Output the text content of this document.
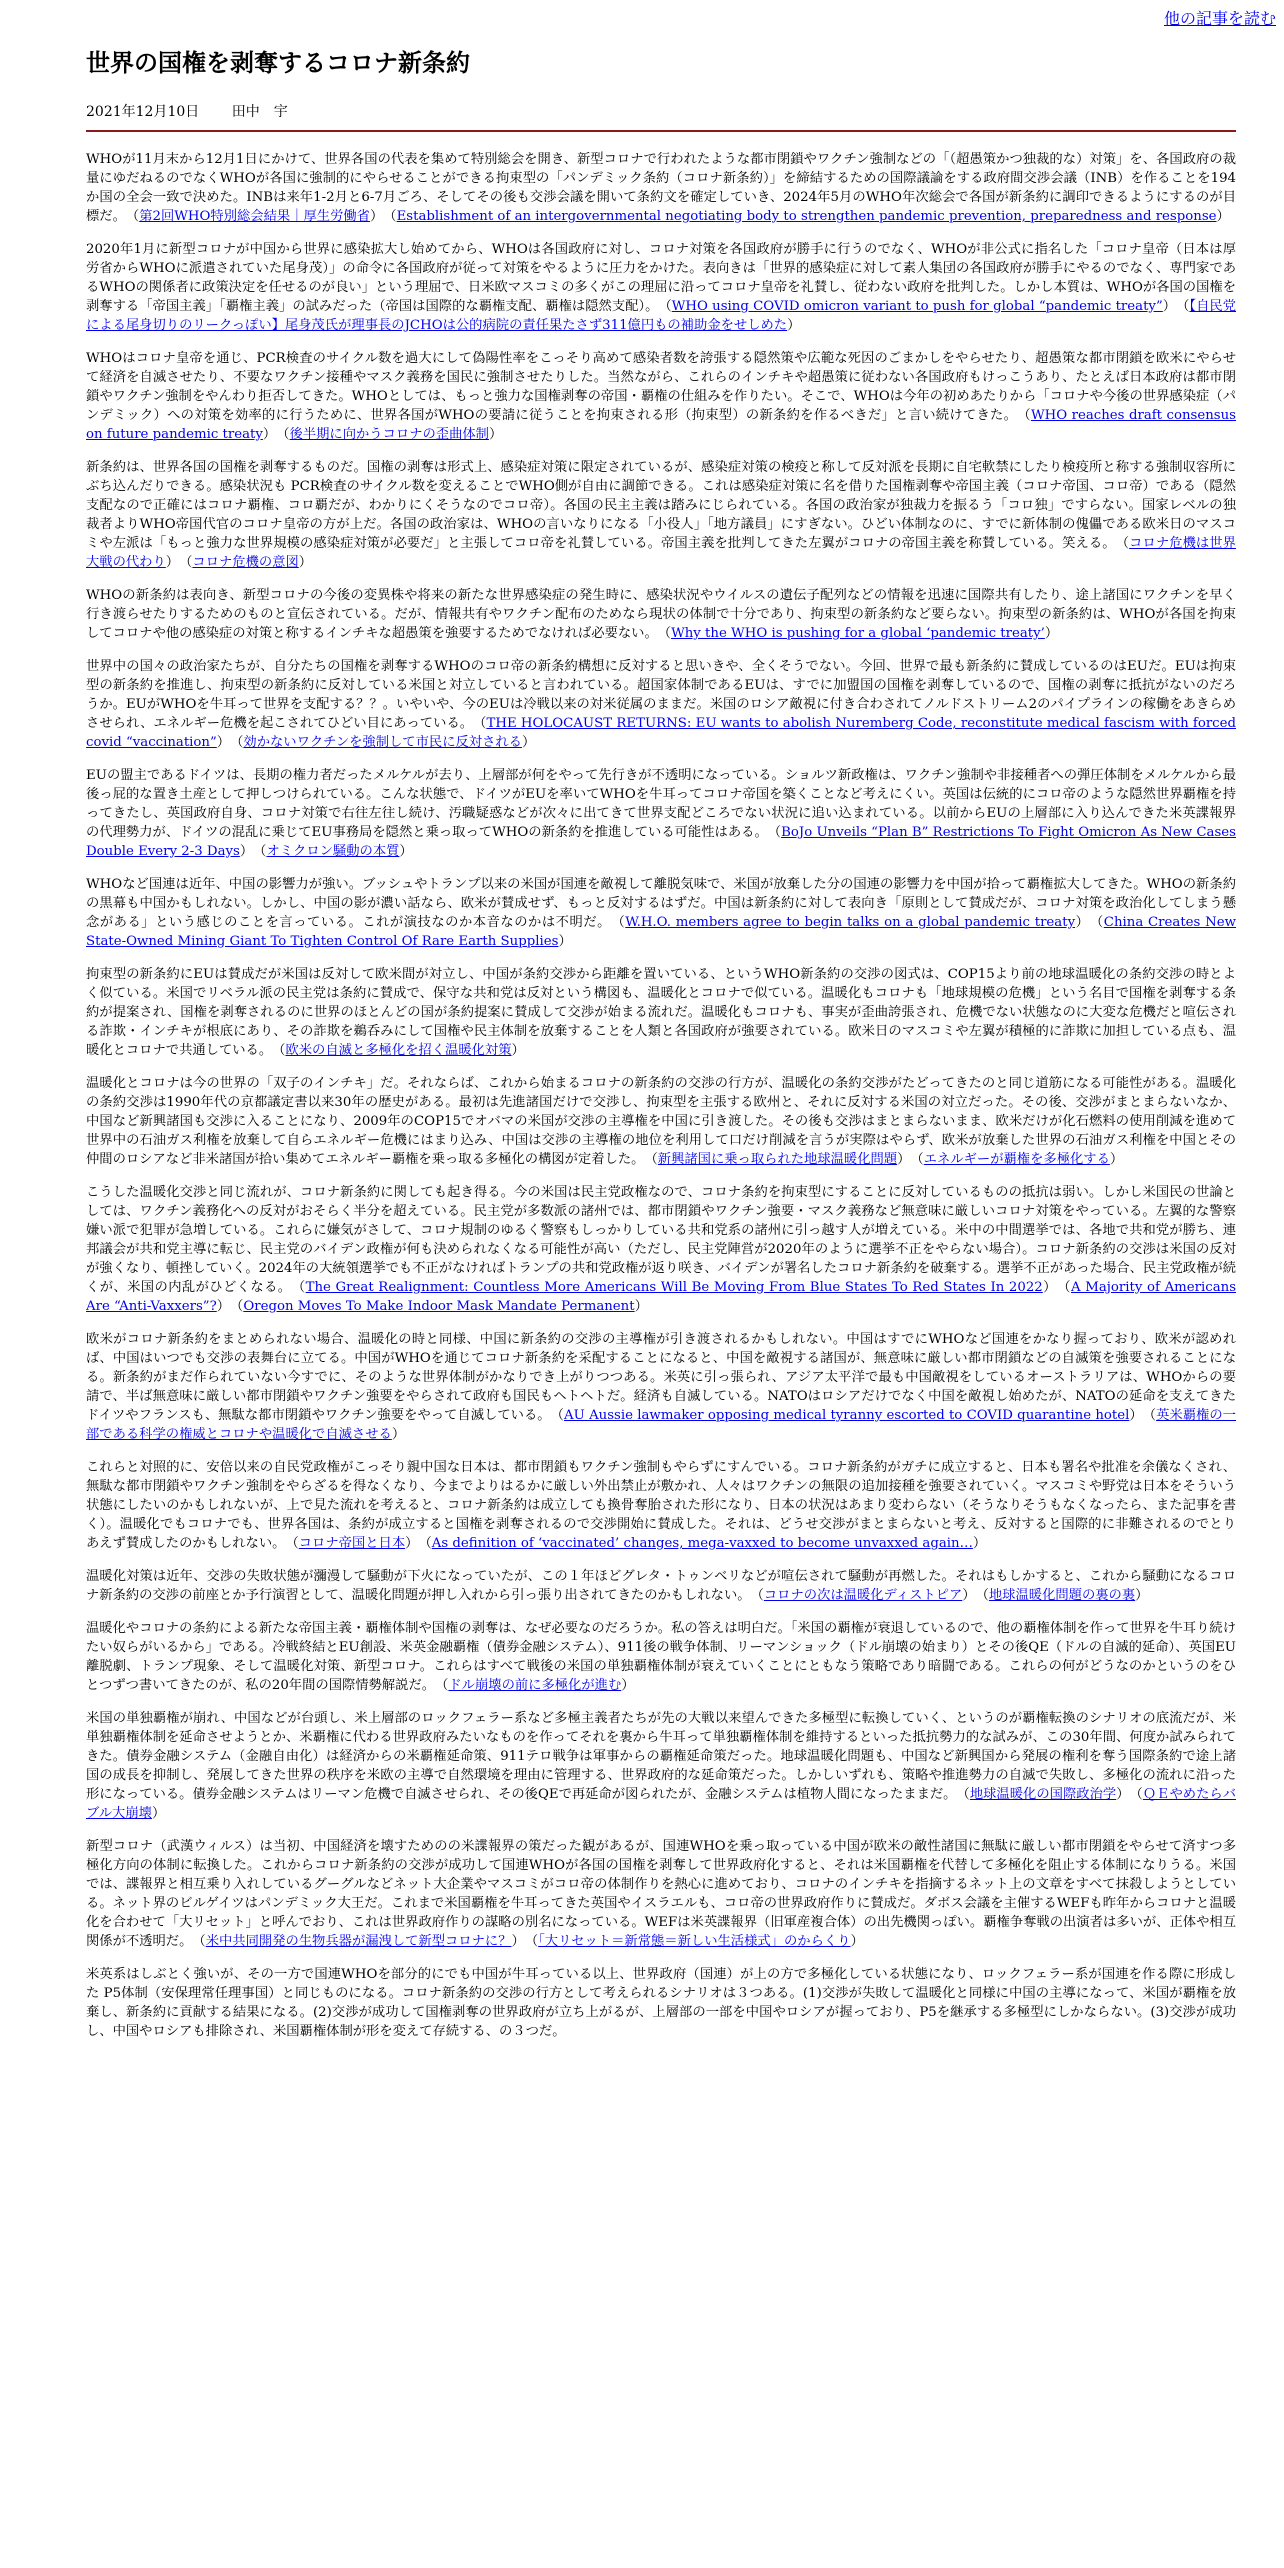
他の記事を読む
世界の国権を剥奪するコロナ新条約
2021年12月10日 田中　宇

WHOが11月末から12月1日にかけて、世界各国の代表を集めて特別総会を開き、新型コロナで行われたような都市閉鎖やワクチン強制などの「（超愚策かつ独裁的な）対策」を、各国政府の裁量にゆだねるのでなくWHOが各国に強制的にやらせることができる拘束型の「パンデミック条約（コロナ新条約）」を締結するための国際議論をする政府間交渉会議（INB）を作ることを194か国の全会一致で決めた。INBは来年1-2月と6-7月ごろ、そしてその後も交渉会議を開いて条約文を確定していき、2024年5月のWHO年次総会で各国が新条約に調印できるようにするのが目標だ。　（第2回WHO特別総会結果｜厚生労働省）　（Establishment of an intergovernmental negotiating body to strengthen pandemic prevention, preparedness and response）

2020年1月に新型コロナが中国から世界に感染拡大し始めてから、WHOは各国政府に対し、コロナ対策を各国政府が勝手に行うのでなく、WHOが非公式に指名した「コロナ皇帝（日本は厚労省からWHOに派遣されていた尾身茂）」の命令に各国政府が従って対策をやるように圧力をかけた。表向きは「世界的感染症に対して素人集団の各国政府が勝手にやるのでなく、専門家であるWHOの関係者に政策決定を任せるのが良い」という理屈で、日米欧マスコミの多くがこの理屈に沿ってコロナ皇帝を礼賛し、従わない政府を批判した。しかし本質は、WHOが各国の国権を剥奪する「帝国主義」「覇権主義」の試みだった（帝国は国際的な覇権支配、覇権は隠然支配）。　（WHO using COVID omicron variant to push for global “pandemic treaty”）　（【自民党による尾身切りのリークっぽい】尾身茂氏が理事長のJCHOは公的病院の責任果たさず311億円もの補助金をせしめた）

WHOはコロナ皇帝を通じ、PCR検査のサイクル数を過大にして偽陽性率をこっそり高めて感染者数を誇張する隠然策や広範な死因のごまかしをやらせたり、超愚策な都市閉鎖を欧米にやらせて経済を自滅させたり、不要なワクチン接種やマスク義務を国民に強制させたりした。当然ながら、これらのインチキや超愚策に従わない各国政府もけっこうあり、たとえば日本政府は都市閉鎖やワクチン強制をやんわり拒否してきた。WHOとしては、もっと強力な国権剥奪の帝国・覇権の仕組みを作りたい。そこで、WHOは今年の初めあたりから「コロナや今後の世界感染症（パンデミック）への対策を効率的に行うために、世界各国がWHOの要請に従うことを拘束される形（拘束型）の新条約を作るべきだ」と言い続けてきた。　（WHO reaches draft consensus on future pandemic treaty）　（後半期に向かうコロナの歪曲体制）

新条約は、世界各国の国権を剥奪するものだ。国権の剥奪は形式上、感染症対策に限定されているが、感染症対策の検疫と称して反対派を長期に自宅軟禁にしたり検疫所と称する強制収容所にぶち込んだりできる。感染状況も PCR検査のサイクル数を変えることでWHO側が自由に調節できる。これは感染症対策に名を借りた国権剥奪や帝国主義（コロナ帝国、コロ帝）である（隠然支配なので正確にはコロナ覇権、コロ覇だが、わかりにくそうなのでコロ帝）。各国の民主主義は踏みにじられている。各国の政治家が独裁力を振るう「コロ独」ですらない。国家レベルの独裁者よりWHO帝国代官のコロナ皇帝の方が上だ。各国の政治家は、WHOの言いなりになる「小役人」「地方議員」にすぎない。ひどい体制なのに、すでに新体制の傀儡である欧米日のマスコミや左派は「もっと強力な世界規模の感染症対策が必要だ」と主張してコロ帝を礼賛している。帝国主義を批判してきた左翼がコロナの帝国主義を称賛している。笑える。　（コロナ危機は世界大戦の代わり）　（コロナ危機の意図）

WHOの新条約は表向き、新型コロナの今後の変異株や将来の新たな世界感染症の発生時に、感染状況やウイルスの遺伝子配列などの情報を迅速に国際共有したり、途上諸国にワクチンを早く行き渡らせたりするためのものと宣伝されている。だが、情報共有やワクチン配布のためなら現状の体制で十分であり、拘束型の新条約など要らない。拘束型の新条約は、WHOが各国を拘束してコロナや他の感染症の対策と称するインチキな超愚策を強要するためでなければ必要ない。　（Why the WHO is pushing for a global ‘pandemic treaty’）

世界中の国々の政治家たちが、自分たちの国権を剥奪するWHOのコロ帝の新条約構想に反対すると思いきや、全くそうでない。今回、世界で最も新条約に賛成しているのはEUだ。EUは拘束型の新条約を推進し、拘束型の新条約に反対している米国と対立していると言われている。超国家体制であるEUは、すでに加盟国の国権を剥奪しているので、国権の剥奪に抵抗がないのだろうか。EUがWHOを牛耳って世界を支配する？？。いやいや、今のEUは冷戦以来の対米従属のままだ。米国のロシア敵視に付き合わされてノルドストリーム2のパイプラインの稼働をあきらめさせられ、エネルギー危機を起こされてひどい目にあっている。　（THE HOLOCAUST RETURNS: EU wants to abolish Nuremberg Code, reconstitute medical fascism with forced covid “vaccination”）　（効かないワクチンを強制して市民に反対される）

EUの盟主であるドイツは、長期の権力者だったメルケルが去り、上層部が何をやって先行きが不透明になっている。ショルツ新政権は、ワクチン強制や非接種者への弾圧体制をメルケルから最後っ屁的な置き土産として押しつけられている。こんな状態で、ドイツがEUを率いてWHOを牛耳ってコロナ帝国を築くことなど考えにくい。英国は伝統的にコロ帝のような隠然世界覇権を持ってきたし、英国政府自身、コロナ対策で右往左往し続け、汚職疑惑などが次々に出てきて世界支配どころでない状況に追い込まれている。以前からEUの上層部に入り込んできた米英諜報界の代理勢力が、ドイツの混乱に乗じてEU事務局を隠然と乗っ取ってWHOの新条約を推進している可能性はある。　（BoJo Unveils “Plan B” Restrictions To Fight Omicron As New Cases Double Every 2-3 Days）　（オミクロン騒動の本質）

WHOなど国連は近年、中国の影響力が強い。ブッシュやトランプ以来の米国が国連を敵視して離脱気味で、米国が放棄した分の国連の影響力を中国が拾って覇権拡大してきた。WHOの新条約の黒幕も中国かもしれない。しかし、中国の影が濃い話なら、欧米が賛成せず、もっと反対するはずだ。中国は新条約に対して表向き「原則として賛成だが、コロナ対策を政治化してしまう懸念がある」という感じのことを言っている。これが演技なのか本音なのかは不明だ。　（W.H.O. members agree to begin talks on a global pandemic treaty）　（China Creates New State-Owned Mining Giant To Tighten Control Of Rare Earth Supplies）

拘束型の新条約にEUは賛成だが米国は反対して欧米間が対立し、中国が条約交渉から距離を置いている、というWHO新条約の交渉の図式は、COP15より前の地球温暖化の条約交渉の時とよく似ている。米国でリベラル派の民主党は条約に賛成で、保守な共和党は反対という構図も、温暖化とコロナで似ている。温暖化もコロナも「地球規模の危機」という名目で国権を剥奪する条約が提案され、国権を剥奪されるのに世界のほとんどの国が条約提案に賛成して交渉が始まる流れだ。温暖化もコロナも、事実が歪曲誇張され、危機でない状態なのに大変な危機だと喧伝される詐欺・インチキが根底にあり、その詐欺を鵜呑みにして国権や民主体制を放棄することを人類と各国政府が強要されている。欧米日のマスコミや左翼が積極的に詐欺に加担している点も、温暖化とコロナで共通している。　（欧米の自滅と多極化を招く温暖化対策）

温暖化とコロナは今の世界の「双子のインチキ」だ。それならば、これから始まるコロナの新条約の交渉の行方が、温暖化の条約交渉がたどってきたのと同じ道筋になる可能性がある。温暖化の条約交渉は1990年代の京都議定書以来30年の歴史がある。最初は先進諸国だけで交渉し、拘束型を主張する欧州と、それに反対する米国の対立だった。その後、交渉がまとまらないなか、中国など新興諸国も交渉に入ることになり、2009年のCOP15でオバマの米国が交渉の主導権を中国に引き渡した。その後も交渉はまとまらないまま、欧米だけが化石燃料の使用削減を進めて世界中の石油ガス利権を放棄して自らエネルギー危機にはまり込み、中国は交渉の主導権の地位を利用して口だけ削減を言うが実際はやらず、欧米が放棄した世界の石油ガス利権を中国とその仲間のロシアなど非米諸国が拾い集めてエネルギー覇権を乗っ取る多極化の構図が定着した。　（新興諸国に乗っ取られた地球温暖化問題）　（エネルギーが覇権を多極化する）

こうした温暖化交渉と同じ流れが、コロナ新条約に関しても起き得る。今の米国は民主党政権なので、コロナ条約を拘束型にすることに反対しているものの抵抗は弱い。しかし米国民の世論としては、ワクチン義務化への反対がおそらく半分を超えている。民主党が多数派の諸州では、都市閉鎖やワクチン強要・マスク義務など無意味に厳しいコロナ対策をやっている。左翼的な警察嫌い派で犯罪が急増している。これらに嫌気がさして、コロナ規制のゆるく警察もしっかりしている共和党系の諸州に引っ越す人が増えている。米中の中間選挙では、各地で共和党が勝ち、連邦議会が共和党主導に転じ、民主党のバイデン政権が何も決められなくなる可能性が高い（ただし、民主党陣営が2020年のように選挙不正をやらない場合）。コロナ新条約の交渉は米国の反対が強くなり、頓挫していく。2024年の大統領選挙でも不正がなければトランプの共和党政権が返り咲き、バイデンが署名したコロナ新条約を破棄する。選挙不正があった場合、民主党政権が続くが、米国の内乱がひどくなる。　（The Great Realignment: Countless More Americans Will Be Moving From Blue States To Red States In 2022）　（A Majority of Americans Are “Anti-Vaxxers”?）　（Oregon Moves To Make Indoor Mask Mandate Permanent）

欧米がコロナ新条約をまとめられない場合、温暖化の時と同様、中国に新条約の交渉の主導権が引き渡されるかもしれない。中国はすでにWHOなど国連をかなり握っており、欧米が認めれば、中国はいつでも交渉の表舞台に立てる。中国がWHOを通じてコロナ新条約を采配することになると、中国を敵視する諸国が、無意味に厳しい都市閉鎖などの自滅策を強要されることになる。新条約がまだ作られていない今すでに、そのような世界体制がかなりでき上がりつつある。米英に引っ張られ、アジア太平洋で最も中国敵視をしているオーストラリアは、WHOからの要請で、半ば無意味に厳しい都市閉鎖やワクチン強要をやらされて政府も国民もヘトヘトだ。経済も自滅している。NATOはロシアだけでなく中国を敵視し始めたが、NATOの延命を支えてきたドイツやフランスも、無駄な都市閉鎖やワクチン強要をやって自滅している。　（AU Aussie lawmaker opposing medical tyranny escorted to COVID quarantine hotel）　（英米覇権の一部である科学の権威とコロナや温暖化で自滅させる）

これらと対照的に、安倍以来の自民党政権がこっそり親中国な日本は、都市閉鎖もワクチン強制もやらずにすんでいる。コロナ新条約がガチに成立すると、日本も署名や批准を余儀なくされ、無駄な都市閉鎖やワクチン強制をやらざるを得なくなり、今までよりはるかに厳しい外出禁止が敷かれ、人々はワクチンの無限の追加接種を強要されていく。マスコミや野党は日本をそういう状態にしたいのかもしれないが、上で見た流れを考えると、コロナ新条約は成立しても換骨奪胎された形になり、日本の状況はあまり変わらない（そうなりそうもなくなったら、また記事を書く）。温暖化でもコロナでも、世界各国は、条約が成立すると国権を剥奪されるので交渉開始に賛成した。それは、どうせ交渉がまとまらないと考え、反対すると国際的に非難されるのでとりあえず賛成したのかもしれない。　（コロナ帝国と日本）　（As definition of ‘vaccinated’ changes, mega-vaxxed to become unvaxxed again…）

温暖化対策は近年、交渉の失敗状態が瀰漫して騒動が下火になっていたが、この１年ほどグレタ・トゥンベリなどが喧伝されて騒動が再燃した。それはもしかすると、これから騒動になるコロナ新条約の交渉の前座とか予行演習として、温暖化問題が押し入れから引っ張り出されてきたのかもしれない。　（コロナの次は温暖化ディストピア）　（地球温暖化問題の裏の裏）

温暖化やコロナの条約による新たな帝国主義・覇権体制や国権の剥奪は、なぜ必要なのだろうか。私の答えは明白だ。「米国の覇権が衰退しているので、他の覇権体制を作って世界を牛耳り続けたい奴らがいるから」である。冷戦終結とEU創設、米英金融覇権（債券金融システム）、911後の戦争体制、リーマンショック（ドル崩壊の始まり）とその後QE（ドルの自滅的延命）、英国EU離脱劇、トランプ現象、そして温暖化対策、新型コロナ。これらはすべて戦後の米国の単独覇権体制が衰えていくことにともなう策略であり暗闘である。これらの何がどうなのかというのをひとつずつ書いてきたのが、私の20年間の国際情勢解説だ。　（ドル崩壊の前に多極化が進む）

米国の単独覇権が崩れ、中国などが台頭し、米上層部のロックフェラー系など多極主義者たちが先の大戦以来望んできた多極型に転換していく、というのが覇権転換のシナリオの底流だが、米単独覇権体制を延命させようとか、米覇権に代わる世界政府みたいなものを作ってそれを裏から牛耳って単独覇権体制を維持するといった抵抗勢力的な試みが、この30年間、何度か試みられてきた。債券金融システム（金融自由化）は経済からの米覇権延命策、911テロ戦争は軍事からの覇権延命策だった。地球温暖化問題も、中国など新興国から発展の権利を奪う国際条約で途上諸国の成長を抑制し、発展してきた世界の秩序を米欧の主導で自然環境を理由に管理する、世界政府的な延命策だった。しかしいずれも、策略や推進勢力の自滅で失敗し、多極化の流れに沿った形になっている。債券金融システムはリーマン危機で自滅させられ、その後QEで再延命が図られたが、金融システムは植物人間になったままだ。　（地球温暖化の国際政治学）　（ＱＥやめたらバブル大崩壊）

新型コロナ（武漢ウィルス）は当初、中国経済を壊すためのの米諜報界の策だった観があるが、国連WHOを乗っ取っている中国が欧米の敵性諸国に無駄に厳しい都市閉鎖をやらせて済すつ多極化方向の体制に転換した。これからコロナ新条約の交渉が成功して国連WHOが各国の国権を剥奪して世界政府化すると、それは米国覇権を代替して多極化を阻止する体制になりうる。米国では、諜報界と相互乗り入れしているグーグルなどネット大企業やマスコミがコロ帝の体制作りを熱心に進めており、コロナのインチキを指摘するネット上の文章をすべて抹殺しようとしている。ネット界のビルゲイツはパンデミック大王だ。これまで米国覇権を牛耳ってきた英国やイスラエルも、コロ帝の世界政府作りに賛成だ。ダボス会議を主催するWEFも昨年からコロナと温暖化を合わせて「大リセット」と呼んでおり、これは世界政府作りの謀略の別名になっている。WEFは米英諜報界（旧軍産複合体）の出先機関っぽい。覇権争奪戦の出演者は多いが、正体や相互関係が不透明だ。　（米中共同開発の生物兵器が漏洩して新型コロナに？）　（「大リセット＝新常態＝新しい生活様式」のからくり）

米英系はしぶとく強いが、その一方で国連WHOを部分的にでも中国が牛耳っている以上、世界政府（国連）が上の方で多極化している状態になり、ロックフェラー系が国連を作る際に形成した P5体制（安保理常任理事国）と同じものになる。コロナ新条約の交渉の行方として考えられるシナリオは３つある。(1)交渉が失敗して温暖化と同様に中国の主導になって、米国が覇権を放棄し、新条約に貢献する結果になる。(2)交渉が成功して国権剥奪の世界政府が立ち上がるが、上層部の一部を中国やロシアが握っており、P5を継承する多極型にしかならない。(3)交渉が成功し、中国やロシアも排除され、米国覇権体制が形を変えて存続する、の３つだ。
